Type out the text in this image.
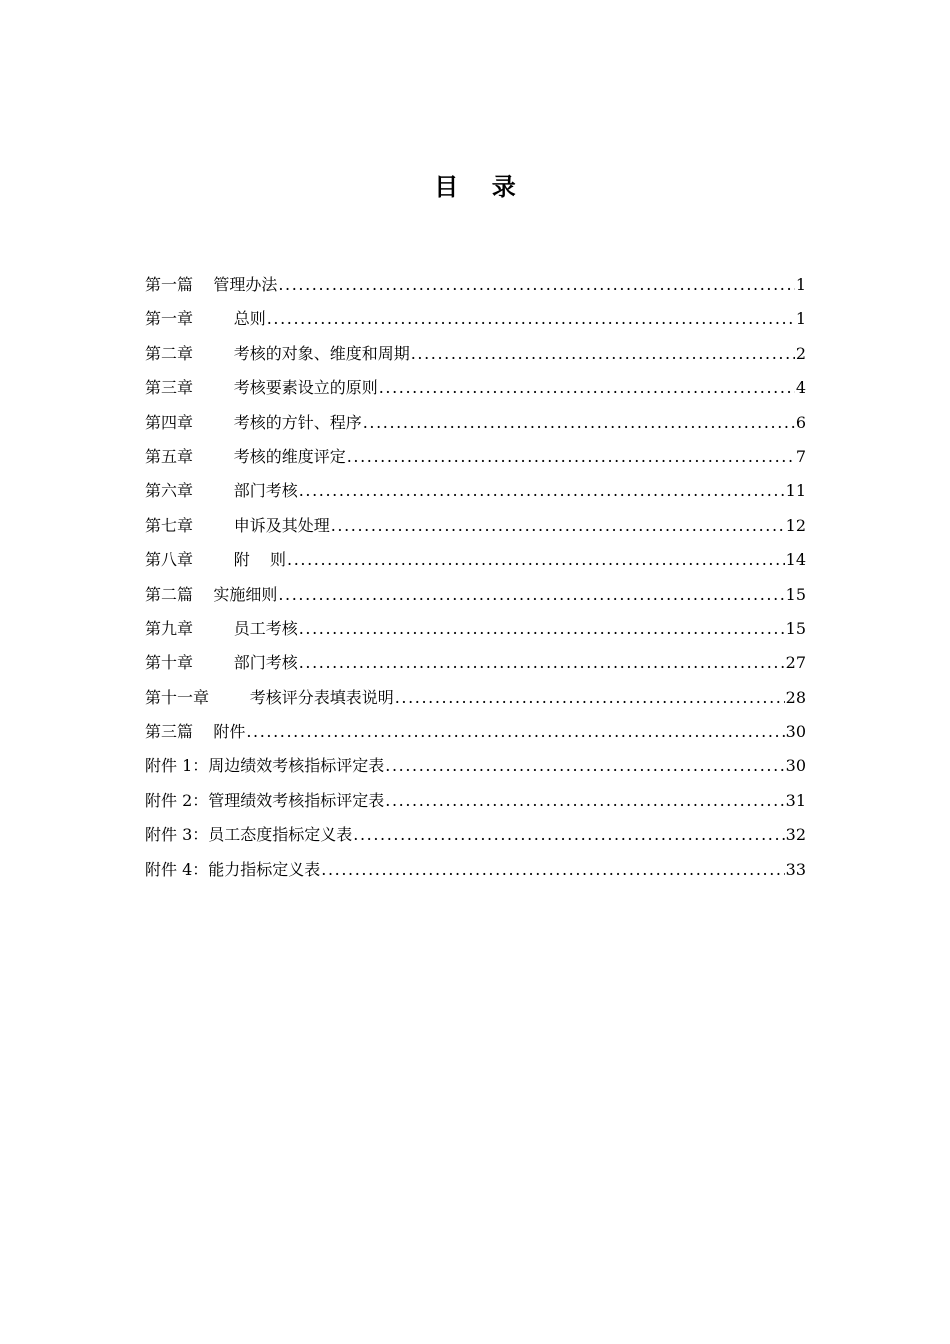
目    录
第一篇    管理办法 .....	1
第一章        总则 .....	1
第二章        考核的对象、维度和周期 .....	2
第三章        考核要素设立的原则 .....	4
第四章        考核的方针、程序 .....	6
第五章        考核的维度评定 .....	7
第六章        部门考核 .....	11
第七章        申诉及其处理 .....	12
第八章        附    则 .....	14
第二篇    实施细则 .....	15
第九章        员工考核 .....	15
第十章        部门考核 .....	27
第十一章        考核评分表填表说明 .....	28
第三篇    附件 .....	30
附件 1：周边绩效考核指标评定表 .....	30
附件 2：管理绩效考核指标评定表 .....	31
附件 3：员工态度指标定义表 .....	32
附件 4：能力指标定义表 .....	33
